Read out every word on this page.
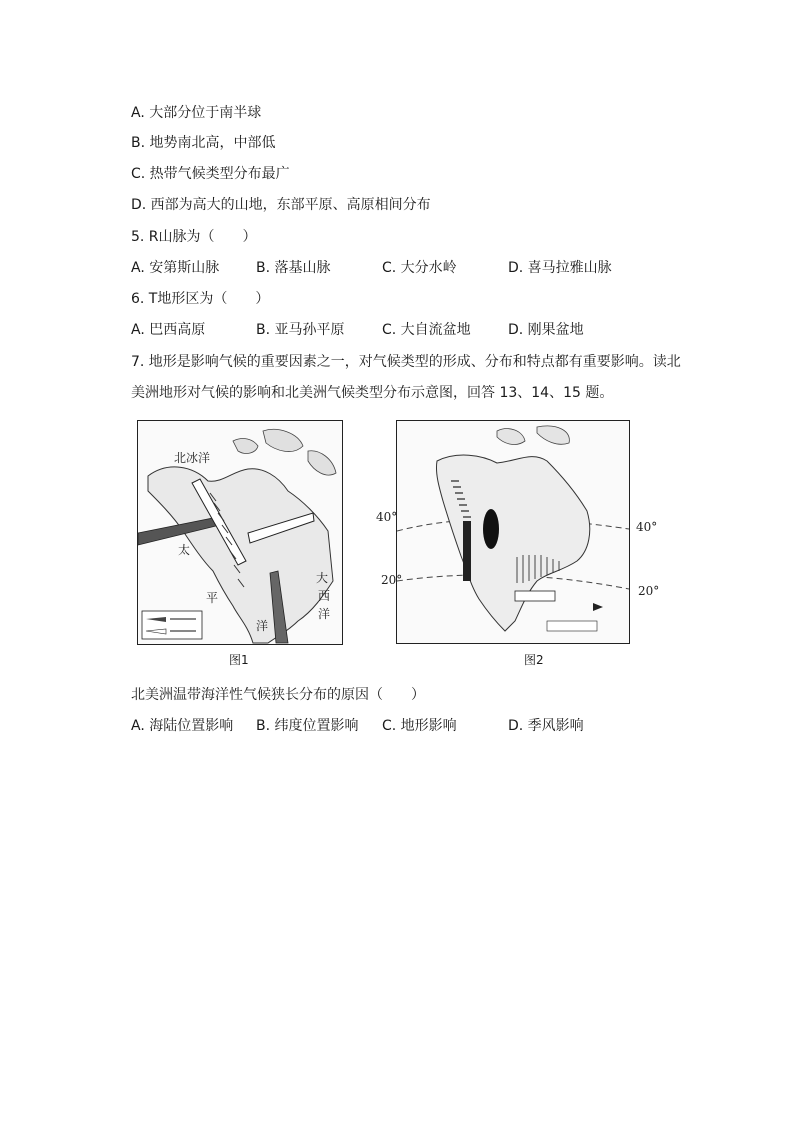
A. 大部分位于南半球
B. 地势南北高，中部低
C. 热带气候类型分布最广
D. 西部为高大的山地，东部平原、高原相间分布
5. R山脉为（　　）
A. 安第斯山脉	B. 落基山脉	C. 大分水岭	D. 喜马拉雅山脉
6. T地形区为（　　）
A. 巴西高原	B. 亚马孙平原	C. 大自流盆地	D. 刚果盆地
7. 地形是影响气候的重要因素之一，对气候类型的形成、分布和特点都有重要影响。读北
美洲地形对气候的影响和北美洲气候类型分布示意图，回答 13、14、15 题。
北冰洋
太
平
洋
大
西
洋
图1
40°
40°
20°
20°
图2
北美洲温带海洋性气候狭长分布的原因（　　）
A. 海陆位置影响 B. 纬度位置影响 C. 地形影响	D. 季风影响
